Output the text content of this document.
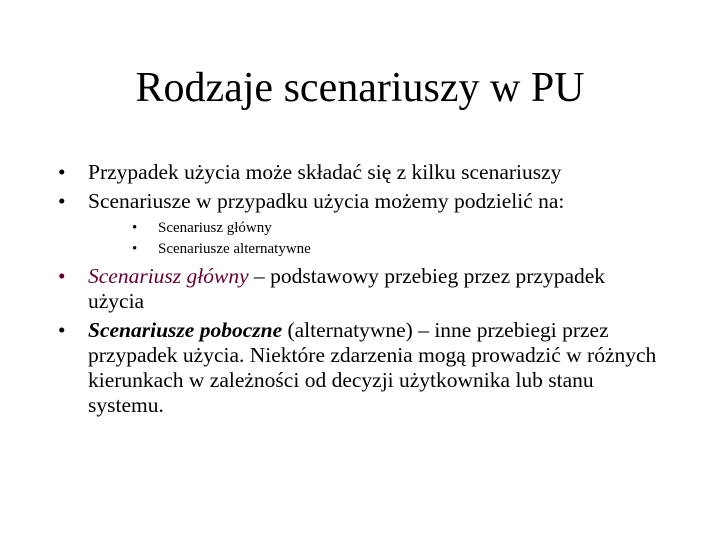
Rodzaje scenariuszy w PU
• Przypadek użycia może składać się z kilku scenariuszy
• Scenariusze w przypadku użycia możemy podzielić na:
• Scenariusz główny
• Scenariusze alternatywne
• Scenariusz główny – podstawowy przebieg przez przypadek użycia
• Scenariusze poboczne (alternatywne) – inne przebiegi przez przypadek użycia. Niektóre zdarzenia mogą prowadzić w różnych kierunkach w zależności od decyzji użytkownika lub stanu systemu.
